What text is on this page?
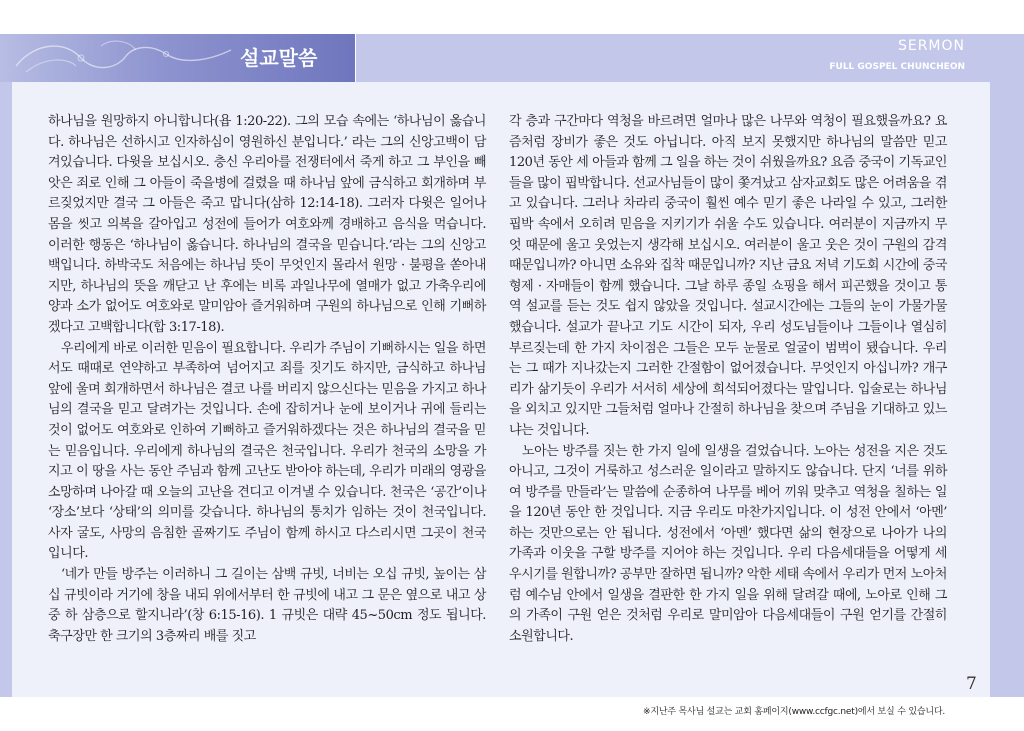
설교말씀	SERMON
FULL GOSPEL CHUNCHEON

하나님을 원망하지 아니합니다(욥 1:20-22). 그의 모습 속에는 ‘하나님이 옳습니다. 하나님은 선하시고 인자하심이 영원하신 분입니다.’ 라는 그의 신앙고백이 담겨있습니다. 다윗을 보십시오. 충신 우리아를 전쟁터에서 죽게 하고 그 부인을 빼앗은 죄로 인해 그 아들이 죽을병에 걸렸을 때 하나님 앞에 금식하고 회개하며 부르짖었지만 결국 그 아들은 죽고 맙니다(삼하 12:14-18). 그러자 다윗은 일어나 몸을 씻고 의복을 갈아입고 성전에 들어가 여호와께 경배하고 음식을 먹습니다. 이러한 행동은 ‘하나님이 옳습니다. 하나님의 결국을 믿습니다.’라는 그의 신앙고백입니다. 하박국도 처음에는 하나님 뜻이 무엇인지 몰라서 원망 · 불평을 쏟아내지만, 하나님의 뜻을 깨닫고 난 후에는 비록 과일나무에 열매가 없고 가축우리에 양과 소가 없어도 여호와로 말미암아 즐거워하며 구원의 하나님으로 인해 기뻐하겠다고 고백합니다(합 3:17-18).

우리에게 바로 이러한 믿음이 필요합니다. 우리가 주님이 기뻐하시는 일을 하면서도 때때로 연약하고 부족하여 넘어지고 죄를 짓기도 하지만, 금식하고 하나님 앞에 울며 회개하면서 하나님은 결코 나를 버리지 않으신다는 믿음을 가지고 하나님의 결국을 믿고 달려가는 것입니다. 손에 잡히거나 눈에 보이거나 귀에 들리는 것이 없어도 여호와로 인하여 기뻐하고 즐거워하겠다는 것은 하나님의 결국을 믿는 믿음입니다. 우리에게 하나님의 결국은 천국입니다. 우리가 천국의 소망을 가지고 이 땅을 사는 동안 주님과 함께 고난도 받아야 하는데, 우리가 미래의 영광을 소망하며 나아갈 때 오늘의 고난을 견디고 이겨낼 수 있습니다. 천국은 ‘공간’이나 ‘장소’보다 ‘상태’의 의미를 갖습니다. 하나님의 통치가 임하는 것이 천국입니다. 사자 굴도, 사망의 음침한 골짜기도 주님이 함께 하시고 다스리시면 그곳이 천국입니다.

‘네가 만들 방주는 이러하니 그 길이는 삼백 규빗, 너비는 오십 규빗, 높이는 삼십 규빗이라 거기에 창을 내되 위에서부터 한 규빗에 내고 그 문은 옆으로 내고 상 중 하 삼층으로 할지니라’(창 6:15-16). 1 규빗은 대략 45~50cm 정도 됩니다. 축구장만 한 크기의 3층짜리 배를 짓고

각 층과 구간마다 역청을 바르려면 얼마나 많은 나무와 역청이 필요했을까요? 요즘처럼 장비가 좋은 것도 아닙니다. 아직 보지 못했지만 하나님의 말씀만 믿고 120년 동안 세 아들과 함께 그 일을 하는 것이 쉬웠을까요? 요즘 중국이 기독교인들을 많이 핍박합니다. 선교사님들이 많이 쫓겨났고 삼자교회도 많은 어려움을 겪고 있습니다. 그러나 차라리 중국이 훨씬 예수 믿기 좋은 나라일 수 있고, 그러한 핍박 속에서 오히려 믿음을 지키기가 쉬울 수도 있습니다. 여러분이 지금까지 무엇 때문에 울고 웃었는지 생각해 보십시오. 여러분이 울고 웃은 것이 구원의 감격 때문입니까? 아니면 소유와 집착 때문입니까? 지난 금요 저녁 기도회 시간에 중국 형제 · 자매들이 함께 했습니다. 그날 하루 종일 쇼핑을 해서 피곤했을 것이고 통역 설교를 듣는 것도 쉽지 않았을 것입니다. 설교시간에는 그들의 눈이 가물가물했습니다. 설교가 끝나고 기도 시간이 되자, 우리 성도님들이나 그들이나 열심히 부르짖는데 한 가지 차이점은 그들은 모두 눈물로 얼굴이 범벅이 됐습니다. 우리는 그 때가 지나갔는지 그러한 간절함이 없어졌습니다. 무엇인지 아십니까? 개구리가 삶기듯이 우리가 서서히 세상에 희석되어졌다는 말입니다. 입술로는 하나님을 외치고 있지만 그들처럼 얼마나 간절히 하나님을 찾으며 주님을 기대하고 있느냐는 것입니다.

노아는 방주를 짓는 한 가지 일에 일생을 걸었습니다. 노아는 성전을 지은 것도 아니고, 그것이 거룩하고 성스러운 일이라고 말하지도 않습니다. 단지 ‘너를 위하여 방주를 만들라’는 말씀에 순종하여 나무를 베어 끼워 맞추고 역청을 칠하는 일을 120년 동안 한 것입니다. 지금 우리도 마찬가지입니다. 이 성전 안에서 ‘아멘’ 하는 것만으로는 안 됩니다. 성전에서 ‘아멘’ 했다면 삶의 현장으로 나아가 나의 가족과 이웃을 구할 방주를 지어야 하는 것입니다. 우리 다음세대들을 어떻게 세우시기를 원합니까? 공부만 잘하면 됩니까? 악한 세태 속에서 우리가 먼저 노아처럼 예수님 안에서 일생을 결판한 한 가지 일을 위해 달려갈 때에, 노아로 인해 그의 가족이 구원 얻은 것처럼 우리로 말미암아 다음세대들이 구원 얻기를 간절히 소원합니다.

7
※지난주 목사님 설교는 교회 홈페이지(www.ccfgc.net)에서 보실 수 있습니다.
